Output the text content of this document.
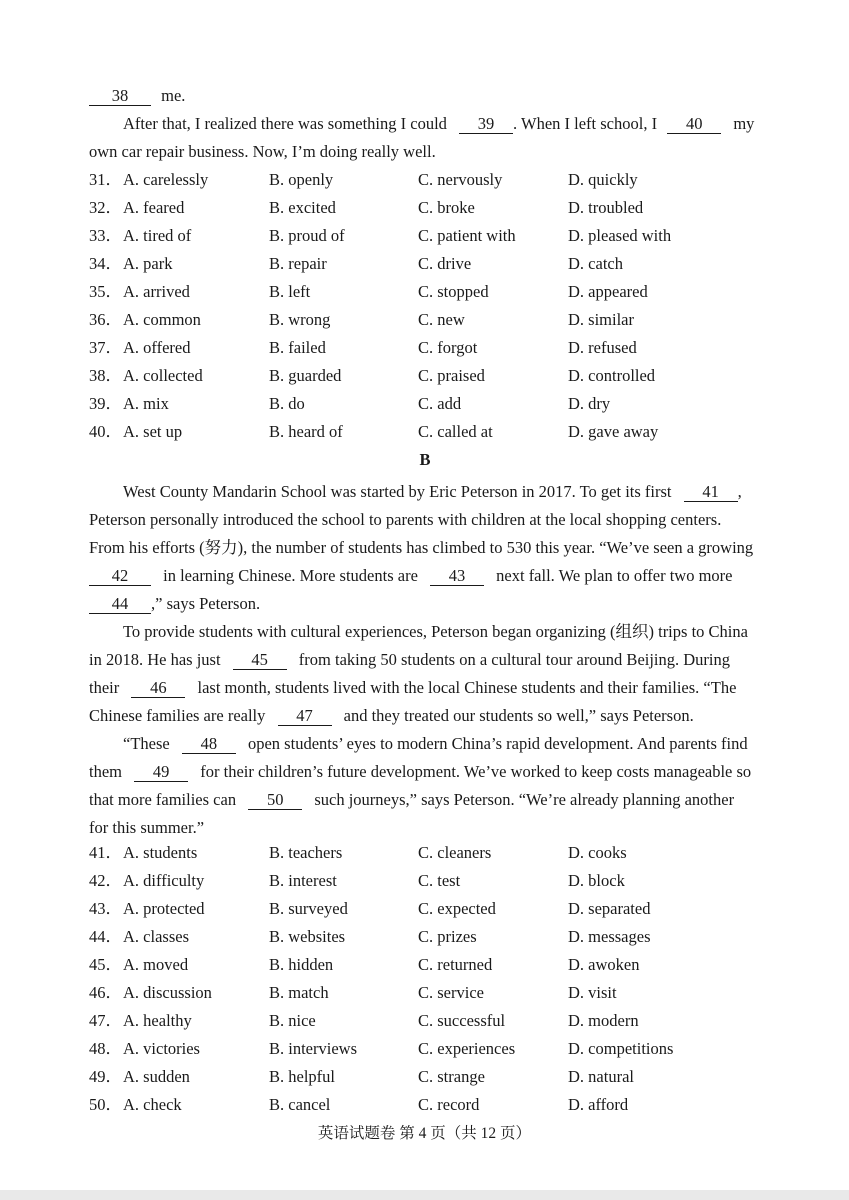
38 me.
After that, I realized there was something I could 39 . When I left school, I 40 my
own car repair business. Now, I’m doing really well.
31． A. carelessly	B. openly	C. nervously	D. quickly
32． A. feared	B. excited	C. broke	D. troubled
33． A. tired of	B. proud of	C. patient with	D. pleased with
34． A. park	B. repair	C. drive	D. catch
35． A. arrived	B. left	C. stopped	D. appeared
36． A. common	B. wrong	C. new	D. similar
37． A. offered	B. failed	C. forgot	D. refused
38． A. collected	B. guarded	C. praised	D. controlled
39． A. mix	B. do	C. add	D. dry
40． A. set up	B. heard of	C. called at	D. gave away
B
West County Mandarin School was started by Eric Peterson in 2017. To get its first 41 ,
Peterson personally introduced the school to parents with children at the local shopping centers.
From his efforts (努力), the number of students has climbed to 530 this year. “We’ve seen a growing
42 in learning Chinese. More students are 43 next fall. We plan to offer two more
44 ,” says Peterson.
To provide students with cultural experiences, Peterson began organizing (组织) trips to China
in 2018. He has just 45 from taking 50 students on a cultural tour around Beijing. During
their 46 last month, students lived with the local Chinese students and their families. “The
Chinese families are really 47 and they treated our students so well,” says Peterson.
“These 48 open students’ eyes to modern China’s rapid development. And parents find
them 49 for their children’s future development. We’ve worked to keep costs manageable so
that more families can 50 such journeys,” says Peterson. “We’re already planning another
for this summer.”
41． A. students	B. teachers	C. cleaners	D. cooks
42． A. difficulty	B. interest	C. test	D. block
43． A. protected	B. surveyed	C. expected	D. separated
44． A. classes	B. websites	C. prizes	D. messages
45． A. moved	B. hidden	C. returned	D. awoken
46． A. discussion	B. match	C. service	D. visit
47． A. healthy	B. nice	C. successful	D. modern
48． A. victories	B. interviews	C. experiences	D. competitions
49． A. sudden	B. helpful	C. strange	D. natural
50． A. check	B. cancel	C. record	D. afford
英语试题卷 第 4 页（共 12 页）
